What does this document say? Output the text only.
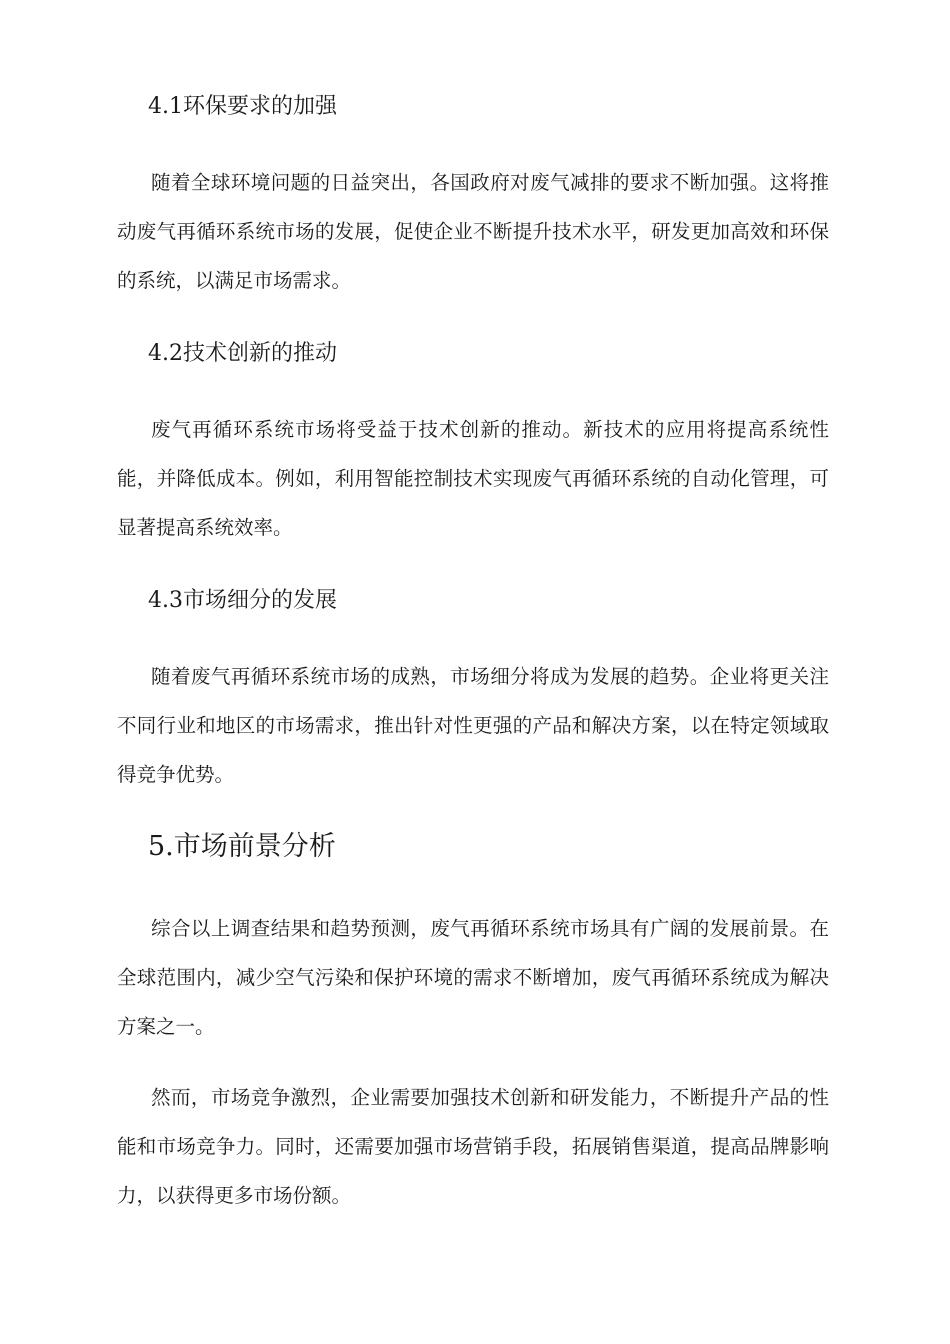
4.1环保要求的加强

随着全球环境问题的日益突出，各国政府对废气减排的要求不断加强。这将推动废气再循环系统市场的发展，促使企业不断提升技术水平，研发更加高效和环保的系统，以满足市场需求。

4.2技术创新的推动

废气再循环系统市场将受益于技术创新的推动。新技术的应用将提高系统性能，并降低成本。例如，利用智能控制技术实现废气再循环系统的自动化管理，可显著提高系统效率。

4.3市场细分的发展

随着废气再循环系统市场的成熟，市场细分将成为发展的趋势。企业将更关注不同行业和地区的市场需求，推出针对性更强的产品和解决方案，以在特定领域取得竞争优势。

5.市场前景分析

综合以上调查结果和趋势预测，废气再循环系统市场具有广阔的发展前景。在全球范围内，减少空气污染和保护环境的需求不断增加，废气再循环系统成为解决方案之一。

然而，市场竞争激烈，企业需要加强技术创新和研发能力，不断提升产品的性能和市场竞争力。同时，还需要加强市场营销手段，拓展销售渠道，提高品牌影响力，以获得更多市场份额。
